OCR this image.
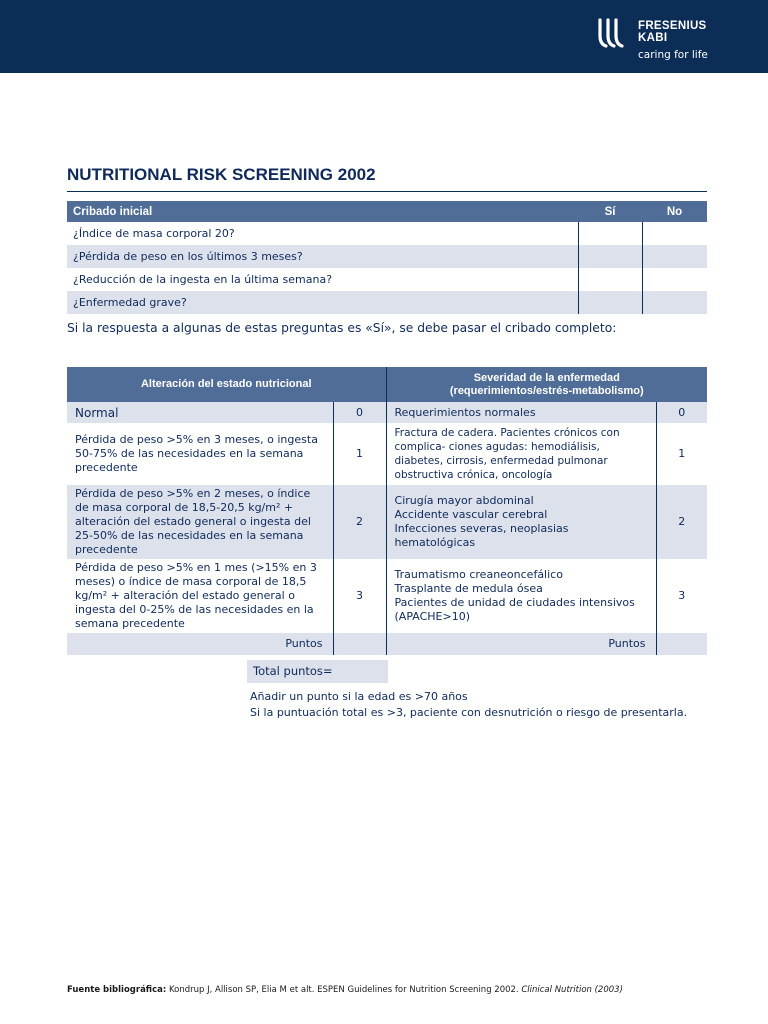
FRESENIUS
KABI
caring for life
NUTRITIONAL RISK SCREENING 2002
Cribado inicial	Sí	No
¿Índice de masa corporal 20?		
¿Pérdida de peso en los últimos 3 meses?		
¿Reducción de la ingesta en la última semana?		
¿Enfermedad grave?		
Si la respuesta a algunas de estas preguntas es «Sí», se debe pasar el cribado completo:
Alteración del estado nutricional		Severidad de la enfermedad
(requerimientos/estrés-metabolismo)	
Normal	0	Requerimientos normales	0
Pérdida de peso >5% en 3 meses, o ingesta 50-75% de las necesidades en la semana precedente	1	Fractura de cadera. Pacientes crónicos con complica- ciones agudas: hemodiálisis, diabetes, cirrosis, enfermedad pulmonar obstructiva crónica, oncología	1
Pérdida de peso >5% en 2 meses, o índice de masa corporal de 18,5-20,5 kg/m² + alteración del estado general o ingesta del 25-50% de las necesidades en la semana precedente	2	Cirugía mayor abdominal
Accidente vascular cerebral
Infecciones severas, neoplasias hematológicas	2
Pérdida de peso >5% en 1 mes (>15% en 3 meses) o índice de masa corporal de 18,5 kg/m² + alteración del estado general o ingesta del 0-25% de las necesidades en la semana precedente	3	Traumatismo creaneoncefálico
Trasplante de medula ósea
Pacientes de unidad de ciudades intensivos (APACHE>10)	3
Puntos		Puntos	
Total puntos=
Añadir un punto si la edad es >70 años
Si la puntuación total es >3, paciente con desnutrición o riesgo de presentarla.
Fuente bibliográfica: Kondrup J, Allison SP, Elia M et alt. ESPEN Guidelines for Nutrition Screening 2002. Clinical Nutrition (2003)
